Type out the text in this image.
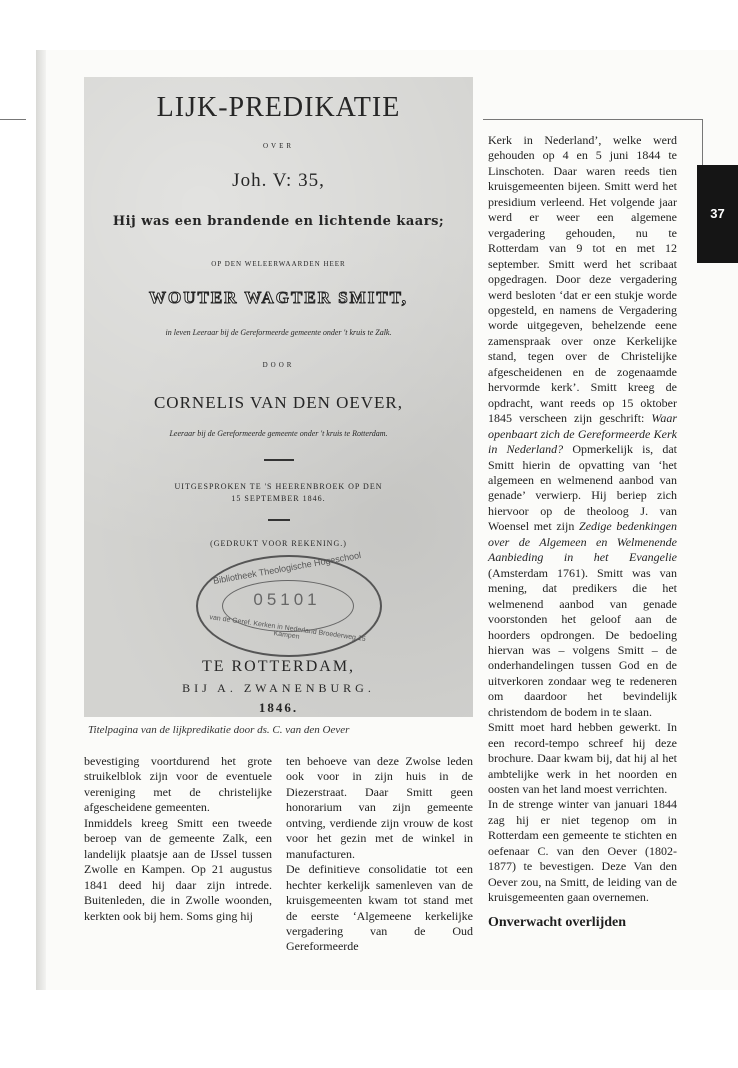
37
LIJK-PREDIKATIE
OVER
Joh. V: 35,
Hij was een brandende en lichtende kaars;
OP DEN WELEERWAARDEN HEER
WOUTER WAGTER SMITT,
in leven Leeraar bij de Gereformeerde gemeente onder 't kruis te Zalk.
DOOR
CORNELIS VAN DEN OEVER,
Leeraar bij de Gereformeerde gemeente onder 't kruis te Rotterdam.
UITGESPROKEN TE 'S HEERENBROEK OP DEN
15 SEPTEMBER 1846.
(GEDRUKT VOOR REKENING.)
Bibliotheek Theologische Hogeschool
05101
van de Geref. Kerken in Nederland Broederweg 15 Kampen
TE ROTTERDAM,
BIJ A. ZWANENBURG.
1846.
Titelpagina van de lijkpredikatie door ds. C. van den Oever

bevestiging voortdurend het grote struikelblok zijn voor de eventuele vereniging met de christelijke afgescheidene gemeenten.

Inmiddels kreeg Smitt een tweede beroep van de gemeente Zalk, een landelijk plaatsje aan de IJssel tussen Zwolle en Kampen. Op 21 augustus 1841 deed hij daar zijn intrede. Buitenleden, die in Zwolle woonden, kerkten ook bij hem. Soms ging hij

ten behoeve van deze Zwolse leden ook voor in zijn huis in de Diezerstraat. Daar Smitt geen honorarium van zijn gemeente ontving, verdiende zijn vrouw de kost voor het gezin met de winkel in manufacturen.

De definitieve consolidatie tot een hechter kerkelijk samenleven van de kruisgemeenten kwam tot stand met de eerste ‘Algemeene kerkelijke vergadering van de Oud Gereformeerde

Kerk in Nederland’, welke werd gehouden op 4 en 5 juni 1844 te Linschoten. Daar waren reeds tien kruisgemeenten bijeen. Smitt werd het presidium verleend. Het volgende jaar werd er weer een algemene vergadering gehouden, nu te Rotterdam van 9 tot en met 12 september. Smitt werd het scribaat opgedragen. Door deze vergadering werd besloten ‘dat er een stukje worde opgesteld, en namens de Vergadering worde uitgegeven, behelzende eene zamenspraak over onze Kerkelijke stand, tegen over de Christelijke afgescheidenen en de zogenaamde hervormde kerk’. Smitt kreeg de opdracht, want reeds op 15 oktober 1845 verscheen zijn geschrift: Waar openbaart zich de Gereformeerde Kerk in Nederland? Opmerkelijk is, dat Smitt hierin de opvatting van ‘het algemeen en welmenend aanbod van genade’ verwierp. Hij beriep zich hiervoor op de theoloog J. van Woensel met zijn Zedige bedenkingen over de Algemeen en Welmenende Aanbieding in het Evangelie (Amsterdam 1761). Smitt was van mening, dat predikers die het welmenend aanbod van genade voorstonden het geloof aan de hoorders opdrongen. De bedoeling hiervan was – volgens Smitt – de onderhandelingen tussen God en de uitverkoren zondaar weg te redeneren om daardoor het bevindelijk christendom de bodem in te slaan.

Smitt moet hard hebben gewerkt. In een record-tempo schreef hij deze brochure. Daar kwam bij, dat hij al het ambtelijke werk in het noorden en oosten van het land moest verrichten.

In de strenge winter van januari 1844 zag hij er niet tegenop om in Rotterdam een gemeente te stichten en oefenaar C. van den Oever (1802-1877) te bevestigen. Deze Van den Oever zou, na Smitt, de leiding van de kruisgemeenten gaan overnemen.

Onverwacht overlijden
